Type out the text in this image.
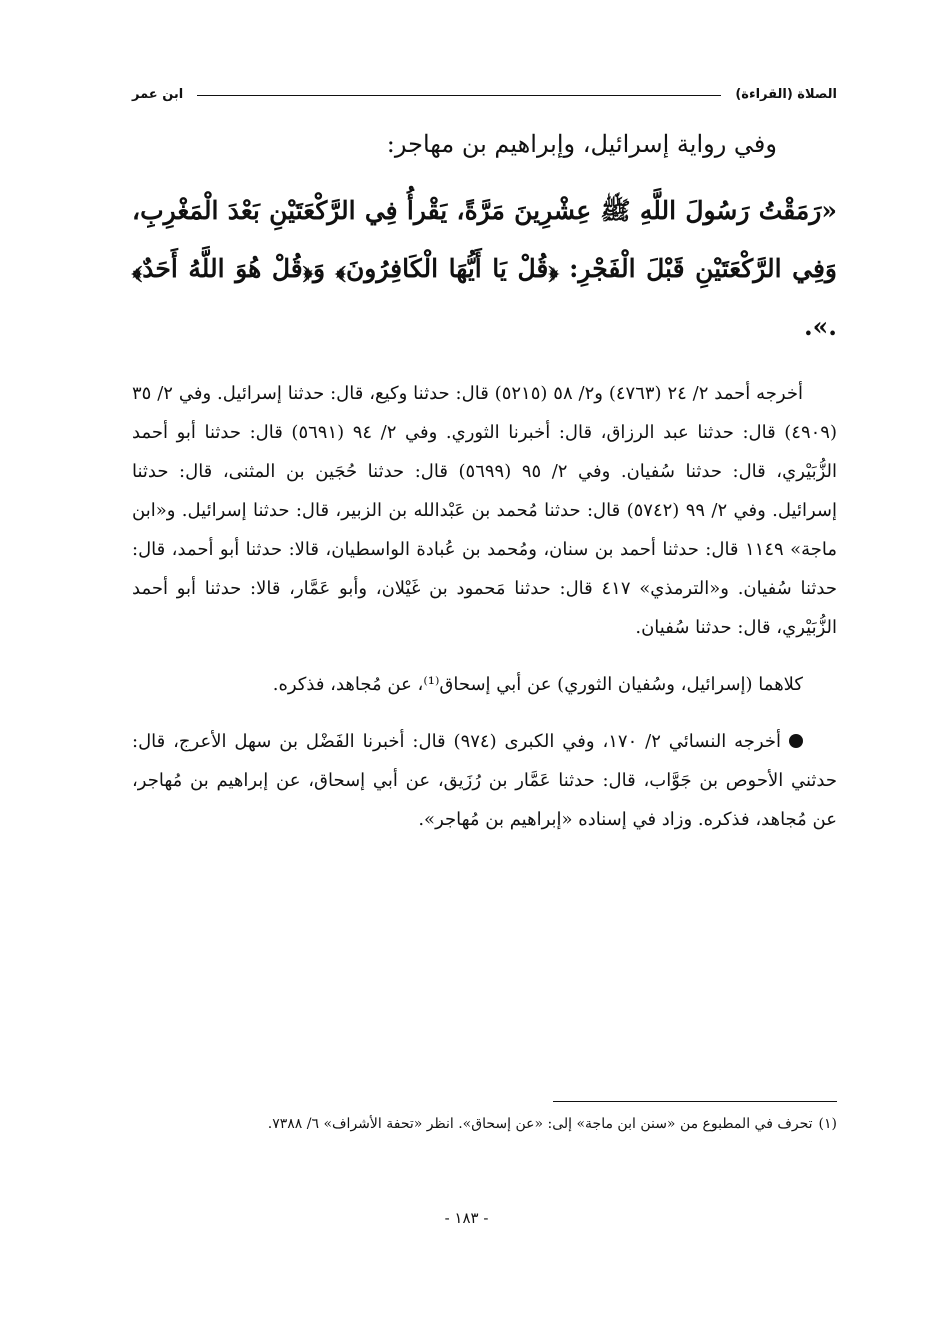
الصلاة (القراءة)
ابن عمر

وفي رواية إسرائيل، وإبراهيم بن مهاجر:

«رَمَقْتُ رَسُولَ اللَّهِ ﷺ عِشْرِينَ مَرَّةً، يَقْرأُ فِي الرَّكْعَتَيْنِ بَعْدَ الْمَغْرِبِ، وَفِي الرَّكْعَتَيْنِ قَبْلَ الْفَجْرِ: ﴿قُلْ يَا أَيُّهَا الْكَافِرُونَ﴾ وَ﴿قُلْ هُوَ اللَّهُ أَحَدٌ﴾ .».

أخرجه أحمد ٢/ ٢٤ (٤٧٦٣) و٢/ ٥٨ (٥٢١٥) قال: حدثنا وكيع، قال: حدثنا إسرائيل. وفي ٢/ ٣٥ (٤٩٠٩) قال: حدثنا عبد الرزاق، قال: أخبرنا الثوري. وفي ٢/ ٩٤ (٥٦٩١) قال: حدثنا أبو أحمد الزُّبَيْري، قال: حدثنا سُفيان. وفي ٢/ ٩٥ (٥٦٩٩) قال: حدثنا حُجَين بن المثنى، قال: حدثنا إسرائيل. وفي ٢/ ٩٩ (٥٧٤٢) قال: حدثنا مُحمد بن عَبْدالله بن الزبير، قال: حدثنا إسرائيل. و«ابن ماجة» ١١٤٩ قال: حدثنا أحمد بن سنان، ومُحمد بن عُبادة الواسطيان، قالا: حدثنا أبو أحمد، قال: حدثنا سُفيان. و«الترمذي» ٤١٧ قال: حدثنا مَحمود بن غَيْلان، وأبو عَمَّار، قالا: حدثنا أبو أحمد الزُّبَيْري، قال: حدثنا سُفيان.

كلاهما (إسرائيل، وسُفيان الثوري) عن أبي إسحاق⁽¹⁾، عن مُجاهد، فذكره.

أخرجه النسائي ٢/ ١٧٠، وفي الكبرى (٩٧٤) قال: أخبرنا الفَضْل بن سهل الأعرج، قال: حدثني الأحوص بن جَوَّاب، قال: حدثنا عَمَّار بن رُزَيق، عن أبي إسحاق، عن إبراهيم بن مُهاجر، عن مُجاهد، فذكره. وزاد في إسناده «إبراهيم بن مُهاجر».

(١)تحرف في المطبوع من «سنن ابن ماجة» إلى: «عن إسحاق». انظر «تحفة الأشراف» ٦/ ٧٣٨٨.
- ١٨٣ -
